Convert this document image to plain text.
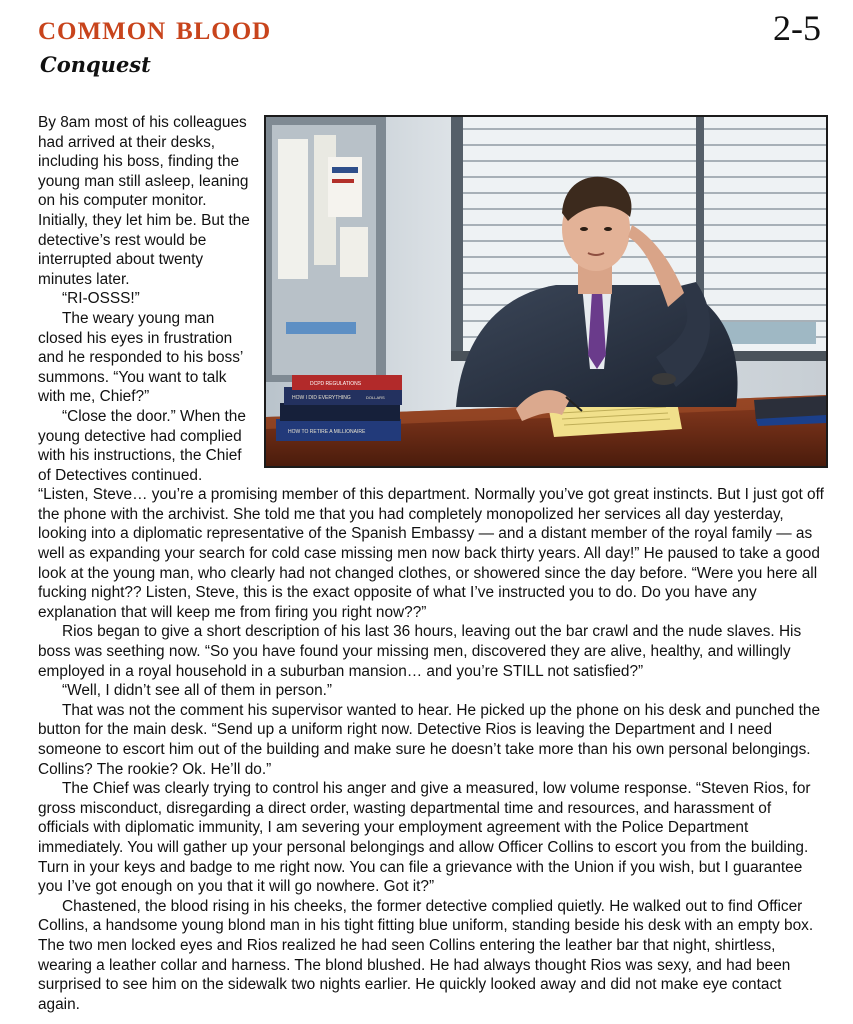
common blood	2-5
Conquest
DCPD REGULATIONS
HOW I DID EVERYTHING	DOLLARS
HOW TO RETIRE A MILLIONAIRE

By 8am most of his colleagues had arrived at their desks, including his boss, finding the young man still asleep, leaning on his computer monitor. Initially, they let him be. But the detective’s rest would be interrupted about twenty minutes later.

“RI-OSSS!”

The weary young man closed his eyes in frustration and he responded to his boss’ summons. “You want to talk with me, Chief?”

“Close the door.” When the young detective had complied with his instructions, the Chief of Detectives continued. “Listen, Steve… you’re a promising member of this department. Normally you’ve got great instincts. But I just got off the phone with the archivist. She told me that you had completely monopolized her services all day yesterday, looking into a diplomatic representative of the Spanish Embassy — and a distant member of the royal family — as well as expanding your search for cold case missing men now back thirty years. All day!” He paused to take a good look at the young man, who clearly had not changed clothes, or showered since the day before. “Were you here all fucking night?? Listen, Steve, this is the exact opposite of what I’ve instructed you to do. Do you have any explanation that will keep me from firing you right now??”

Rios began to give a short description of his last 36 hours, leaving out the bar crawl and the nude slaves. His boss was seething now. “So you have found your missing men, discovered they are alive, healthy, and willingly employed in a royal household in a suburban mansion… and you’re STILL not satisfied?”

“Well, I didn’t see all of them in person.”

That was not the comment his supervisor wanted to hear. He picked up the phone on his desk and punched the button for the main desk. “Send up a uniform right now. Detective Rios is leaving the Department and I need someone to escort him out of the building and make sure he doesn’t take more than his own personal belongings. Collins? The rookie? Ok. He’ll do.”

The Chief was clearly trying to control his anger and give a measured, low volume response. “Steven Rios, for gross misconduct, disregarding a direct order, wasting departmental time and resources, and harassment of officials with diplomatic immunity, I am severing your employment agreement with the Police Department immediately. You will gather up your personal belongings and allow Officer Collins to escort you from the building. Turn in your keys and badge to me right now. You can file a grievance with the Union if you wish, but I guarantee you I’ve got enough on you that it will go nowhere. Got it?”

Chastened, the blood rising in his cheeks, the former detective complied quietly. He walked out to find Officer Collins, a handsome young blond man in his tight fitting blue uniform, standing beside his desk with an empty box. The two men locked eyes and Rios realized he had seen Collins entering the leather bar that night, shirtless, wearing a leather collar and harness. The blond blushed. He had always thought Rios was sexy, and had been surprised to see him on the sidewalk two nights earlier. He quickly looked away and did not make eye contact again.
